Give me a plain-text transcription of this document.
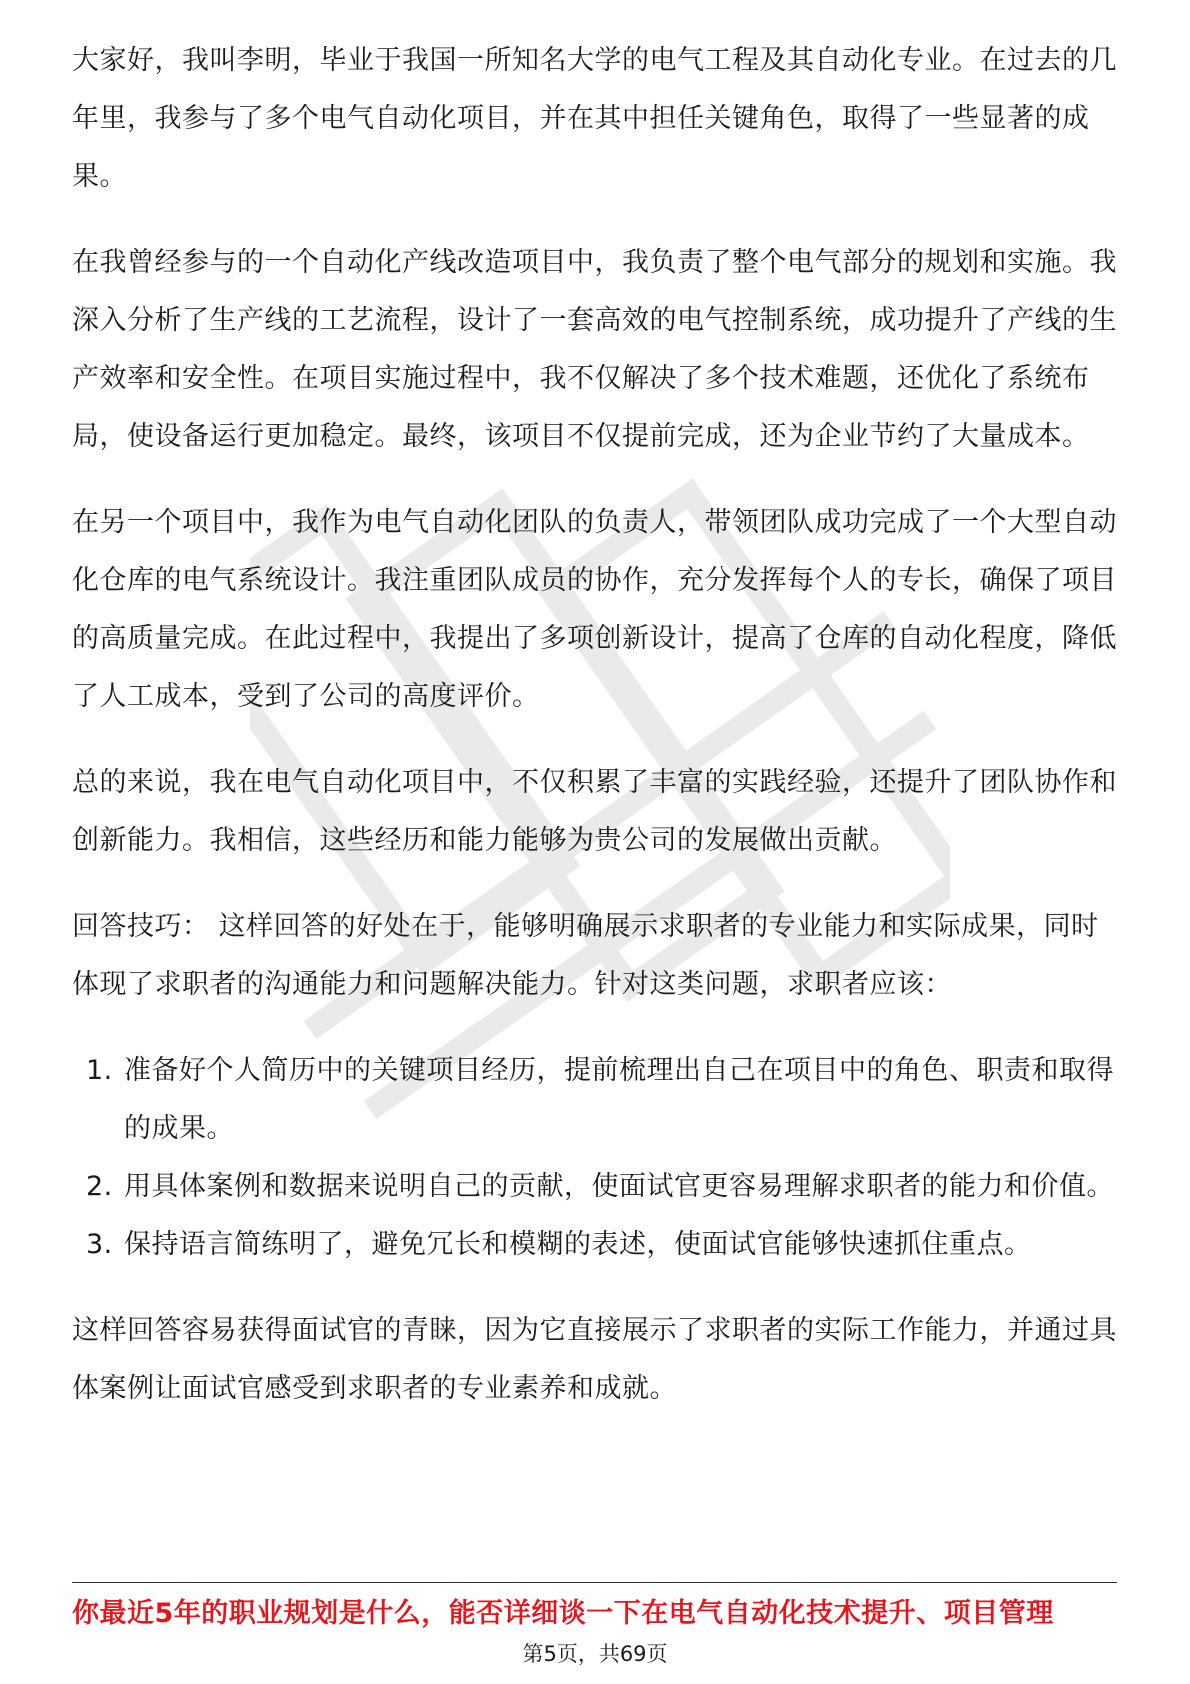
大家好，我叫李明，毕业于我国一所知名大学的电气工程及其自动化专业。在过去的几年里，我参与了多个电气自动化项目，并在其中担任关键角色，取得了一些显著的成果。

在我曾经参与的一个自动化产线改造项目中，我负责了整个电气部分的规划和实施。我深入分析了生产线的工艺流程，设计了一套高效的电气控制系统，成功提升了产线的生产效率和安全性。在项目实施过程中，我不仅解决了多个技术难题，还优化了系统布局，使设备运行更加稳定。最终，该项目不仅提前完成，还为企业节约了大量成本。

在另一个项目中，我作为电气自动化团队的负责人，带领团队成功完成了一个大型自动化仓库的电气系统设计。我注重团队成员的协作，充分发挥每个人的专长，确保了项目的高质量完成。在此过程中，我提出了多项创新设计，提高了仓库的自动化程度，降低了人工成本，受到了公司的高度评价。

总的来说，我在电气自动化项目中，不仅积累了丰富的实践经验，还提升了团队协作和创新能力。我相信，这些经历和能力能够为贵公司的发展做出贡献。

回答技巧： 这样回答的好处在于，能够明确展示求职者的专业能力和实际成果，同时体现了求职者的沟通能力和问题解决能力。针对这类问题，求职者应该：

1. 准备好个人简历中的关键项目经历，提前梳理出自己在项目中的角色、职责和取得的成果。
2. 用具体案例和数据来说明自己的贡献，使面试官更容易理解求职者的能力和价值。
3. 保持语言简练明了，避免冗长和模糊的表述，使面试官能够快速抓住重点。

这样回答容易获得面试官的青睐，因为它直接展示了求职者的实际工作能力，并通过具体案例让面试官感受到求职者的专业素养和成就。

你最近5年的职业规划是什么，能否详细谈一下在电气自动化技术提升、项目管理
第5页，共69页
